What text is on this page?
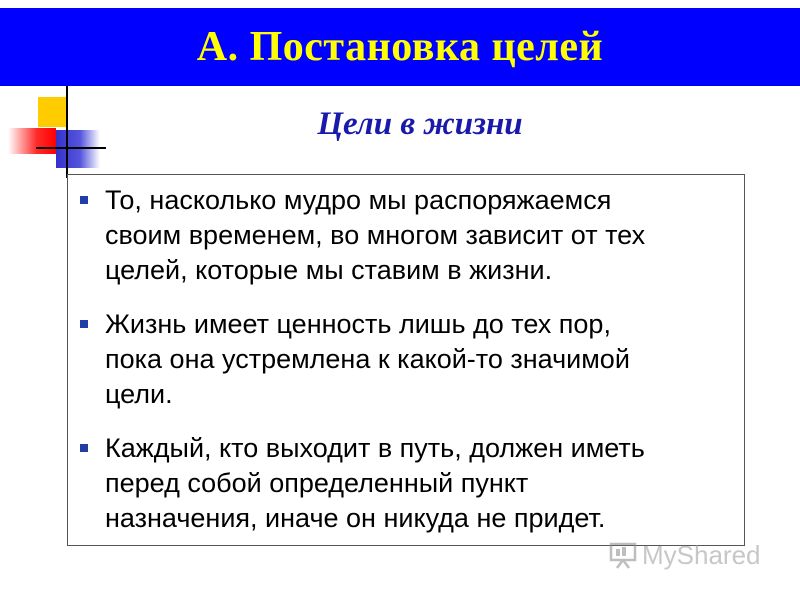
А. Постановка целей
Цели в жизни

То, насколько мудро мы распоряжаемся
своим временем, во многом зависит от тех
целей, которые мы ставим в жизни.

Жизнь имеет ценность лишь до тех пор,
пока она устремлена к какой-то значимой
цели.

Каждый, кто выходит в путь, должен иметь
перед собой определенный пункт
назначения, иначе он никуда не придет.

MyShared
